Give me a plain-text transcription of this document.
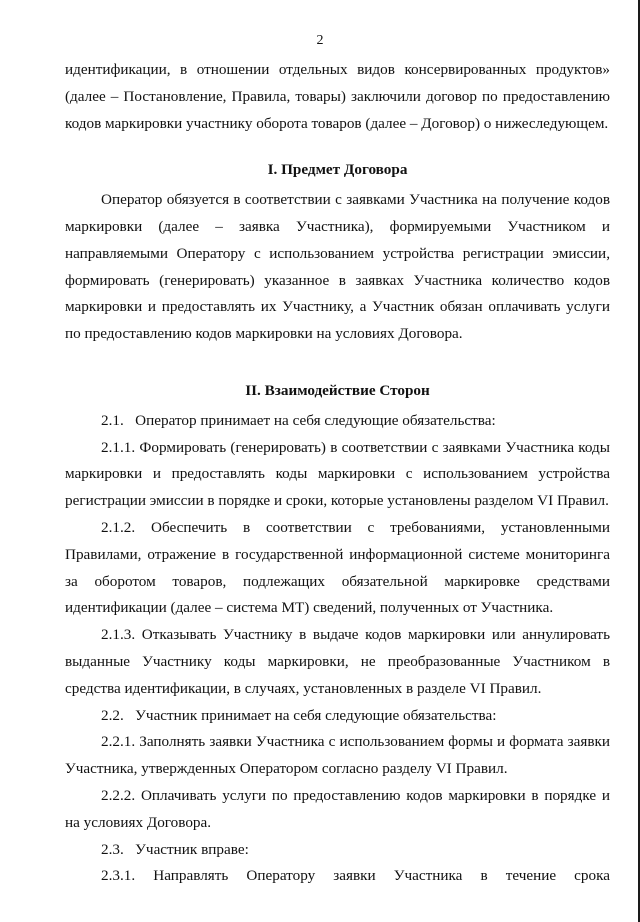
2

идентификации, в отношении отдельных видов консервированных продуктов» (далее – Постановление, Правила, товары) заключили договор по предоставлению кодов маркировки участнику оборота товаров (далее – Договор) о нижеследующем.

I. Предмет Договора

Оператор обязуется в соответствии с заявками Участника на получение кодов маркировки (далее – заявка Участника), формируемыми Участником и направляемыми Оператору с использованием устройства регистрации эмиссии, формировать (генерировать) указанное в заявках Участника количество кодов маркировки и предоставлять их Участнику, а Участник обязан оплачивать услуги по предоставлению кодов маркировки на условиях Договора.

II. Взаимодействие Сторон

2.1.   Оператор принимает на себя следующие обязательства:

2.1.1. Формировать (генерировать) в соответствии с заявками Участника коды маркировки и предоставлять коды маркировки с использованием устройства регистрации эмиссии в порядке и сроки, которые установлены разделом VI Правил.

2.1.2. Обеспечить в соответствии с требованиями, установленными Правилами, отражение в государственной информационной системе мониторинга за оборотом товаров, подлежащих обязательной маркировке средствами идентификации (далее – система МТ) сведений, полученных от Участника.

2.1.3. Отказывать Участнику в выдаче кодов маркировки или аннулировать выданные Участнику коды маркировки, не преобразованные Участником в средства идентификации, в случаях, установленных в разделе VI Правил.

2.2.   Участник принимает на себя следующие обязательства:

2.2.1. Заполнять заявки Участника с использованием формы и формата заявки Участника, утвержденных Оператором согласно разделу VI Правил.

2.2.2. Оплачивать услуги по предоставлению кодов маркировки в порядке и на условиях Договора.

2.3.   Участник вправе:

2.3.1. Направлять Оператору заявки Участника в течение срока
